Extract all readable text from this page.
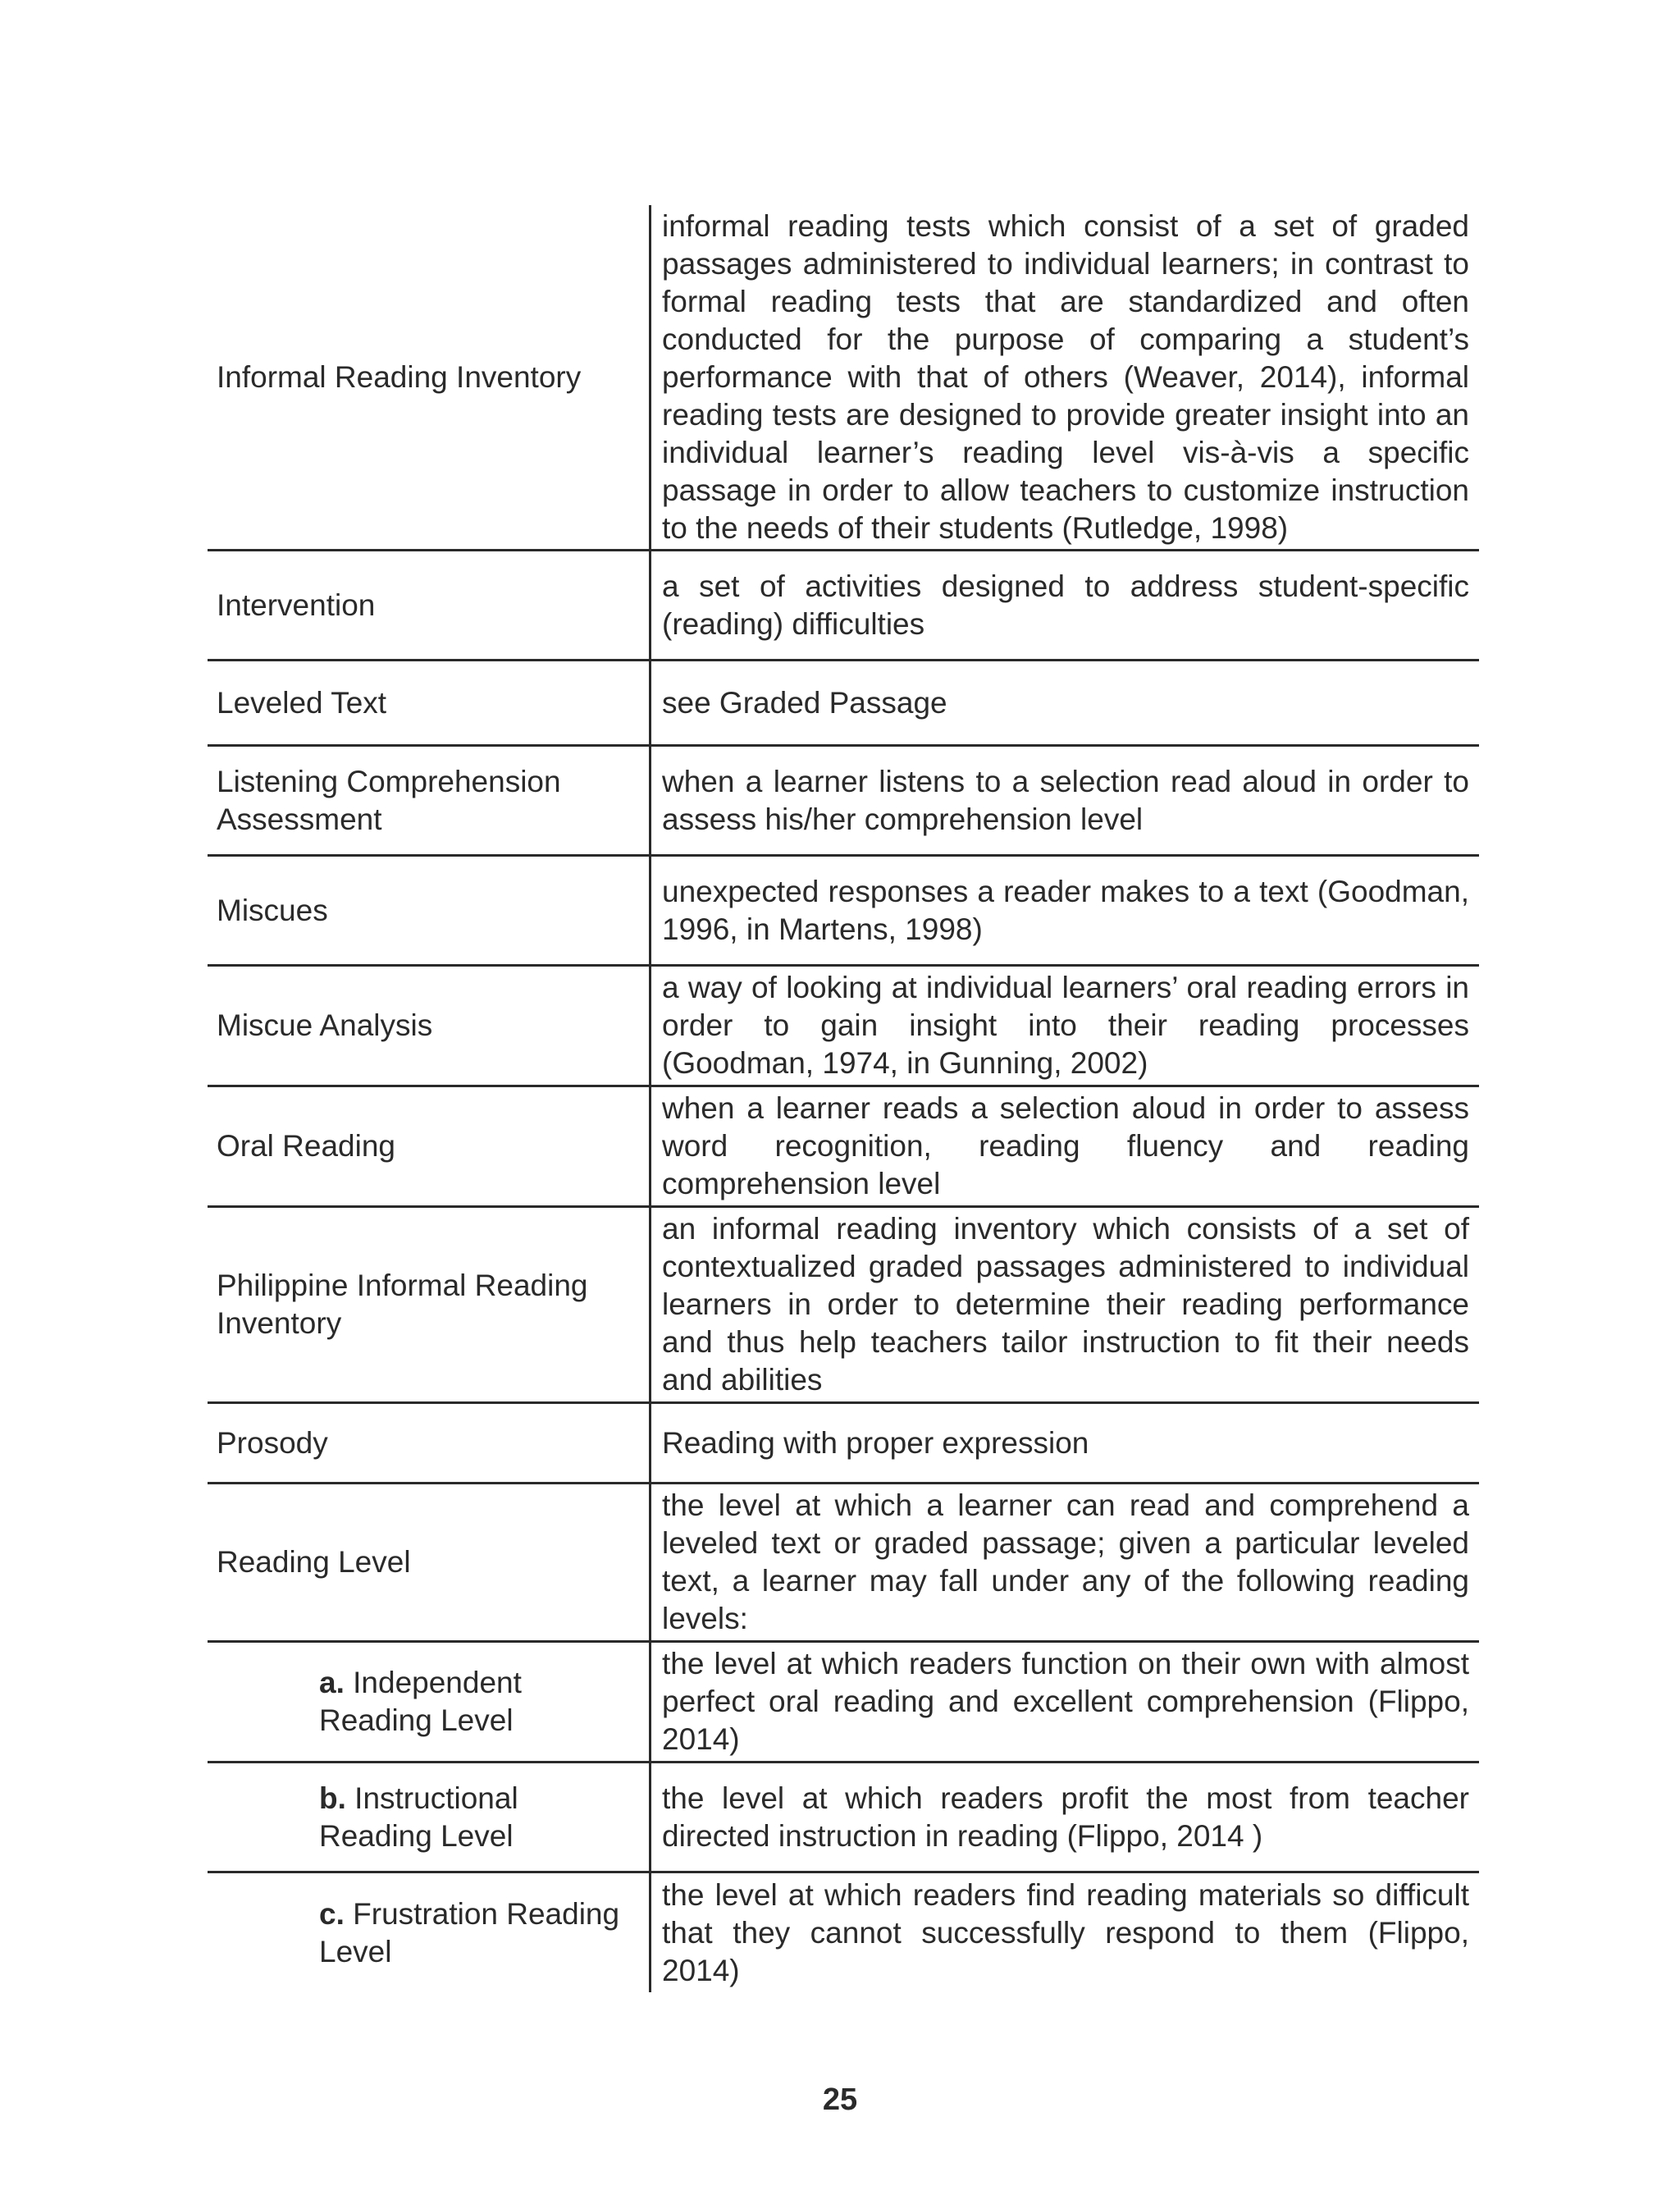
Informal Reading Inventory
informal reading tests which consist of a set of graded passages administered to individual learners; in contrast to formal reading tests that are standardized and often conducted for the purpose of comparing a student’s performance with that of others (Weaver, 2014), informal reading tests are designed to provide greater insight into an individual learner’s reading level vis-à-vis a specific passage in order to allow teachers to customize instruction to the needs of their students (Rutledge, 1998)
Intervention
a set of activities designed to address student-specific (reading) difficulties
Leveled Text	see Graded Passage
Listening Comprehension Assessment
when a learner listens to a selection read aloud in order to assess his/her comprehension level
Miscues
unexpected responses a reader makes to a text (Goodman, 1996, in Martens, 1998)
Miscue Analysis
a way of looking at individual learners’ oral reading errors in order to gain insight into their reading processes (Goodman, 1974, in Gunning, 2002)
Oral Reading
when a learner reads a selection aloud in order to assess word recognition, reading fluency and reading comprehension level
Philippine Informal Reading Inventory
an informal reading inventory which consists of a set of contextualized graded passages administered to individual learners in order to determine their reading performance and thus help teachers tailor instruction to fit their needs and abilities
Prosody	Reading with proper expression
Reading Level
the level at which a learner can read and comprehend a leveled text or graded passage; given a particular leveled text, a learner may fall under any of the following reading levels:
a. Independent Reading Level
the level at which readers function on their own with almost perfect oral reading and excellent comprehension (Flippo, 2014)
b. Instructional Reading Level
the level at which readers profit the most from teacher directed instruction in reading (Flippo, 2014 )
c. Frustration Reading Level
the level at which readers find reading materials so difficult that they cannot successfully respond to them (Flippo, 2014)
25
